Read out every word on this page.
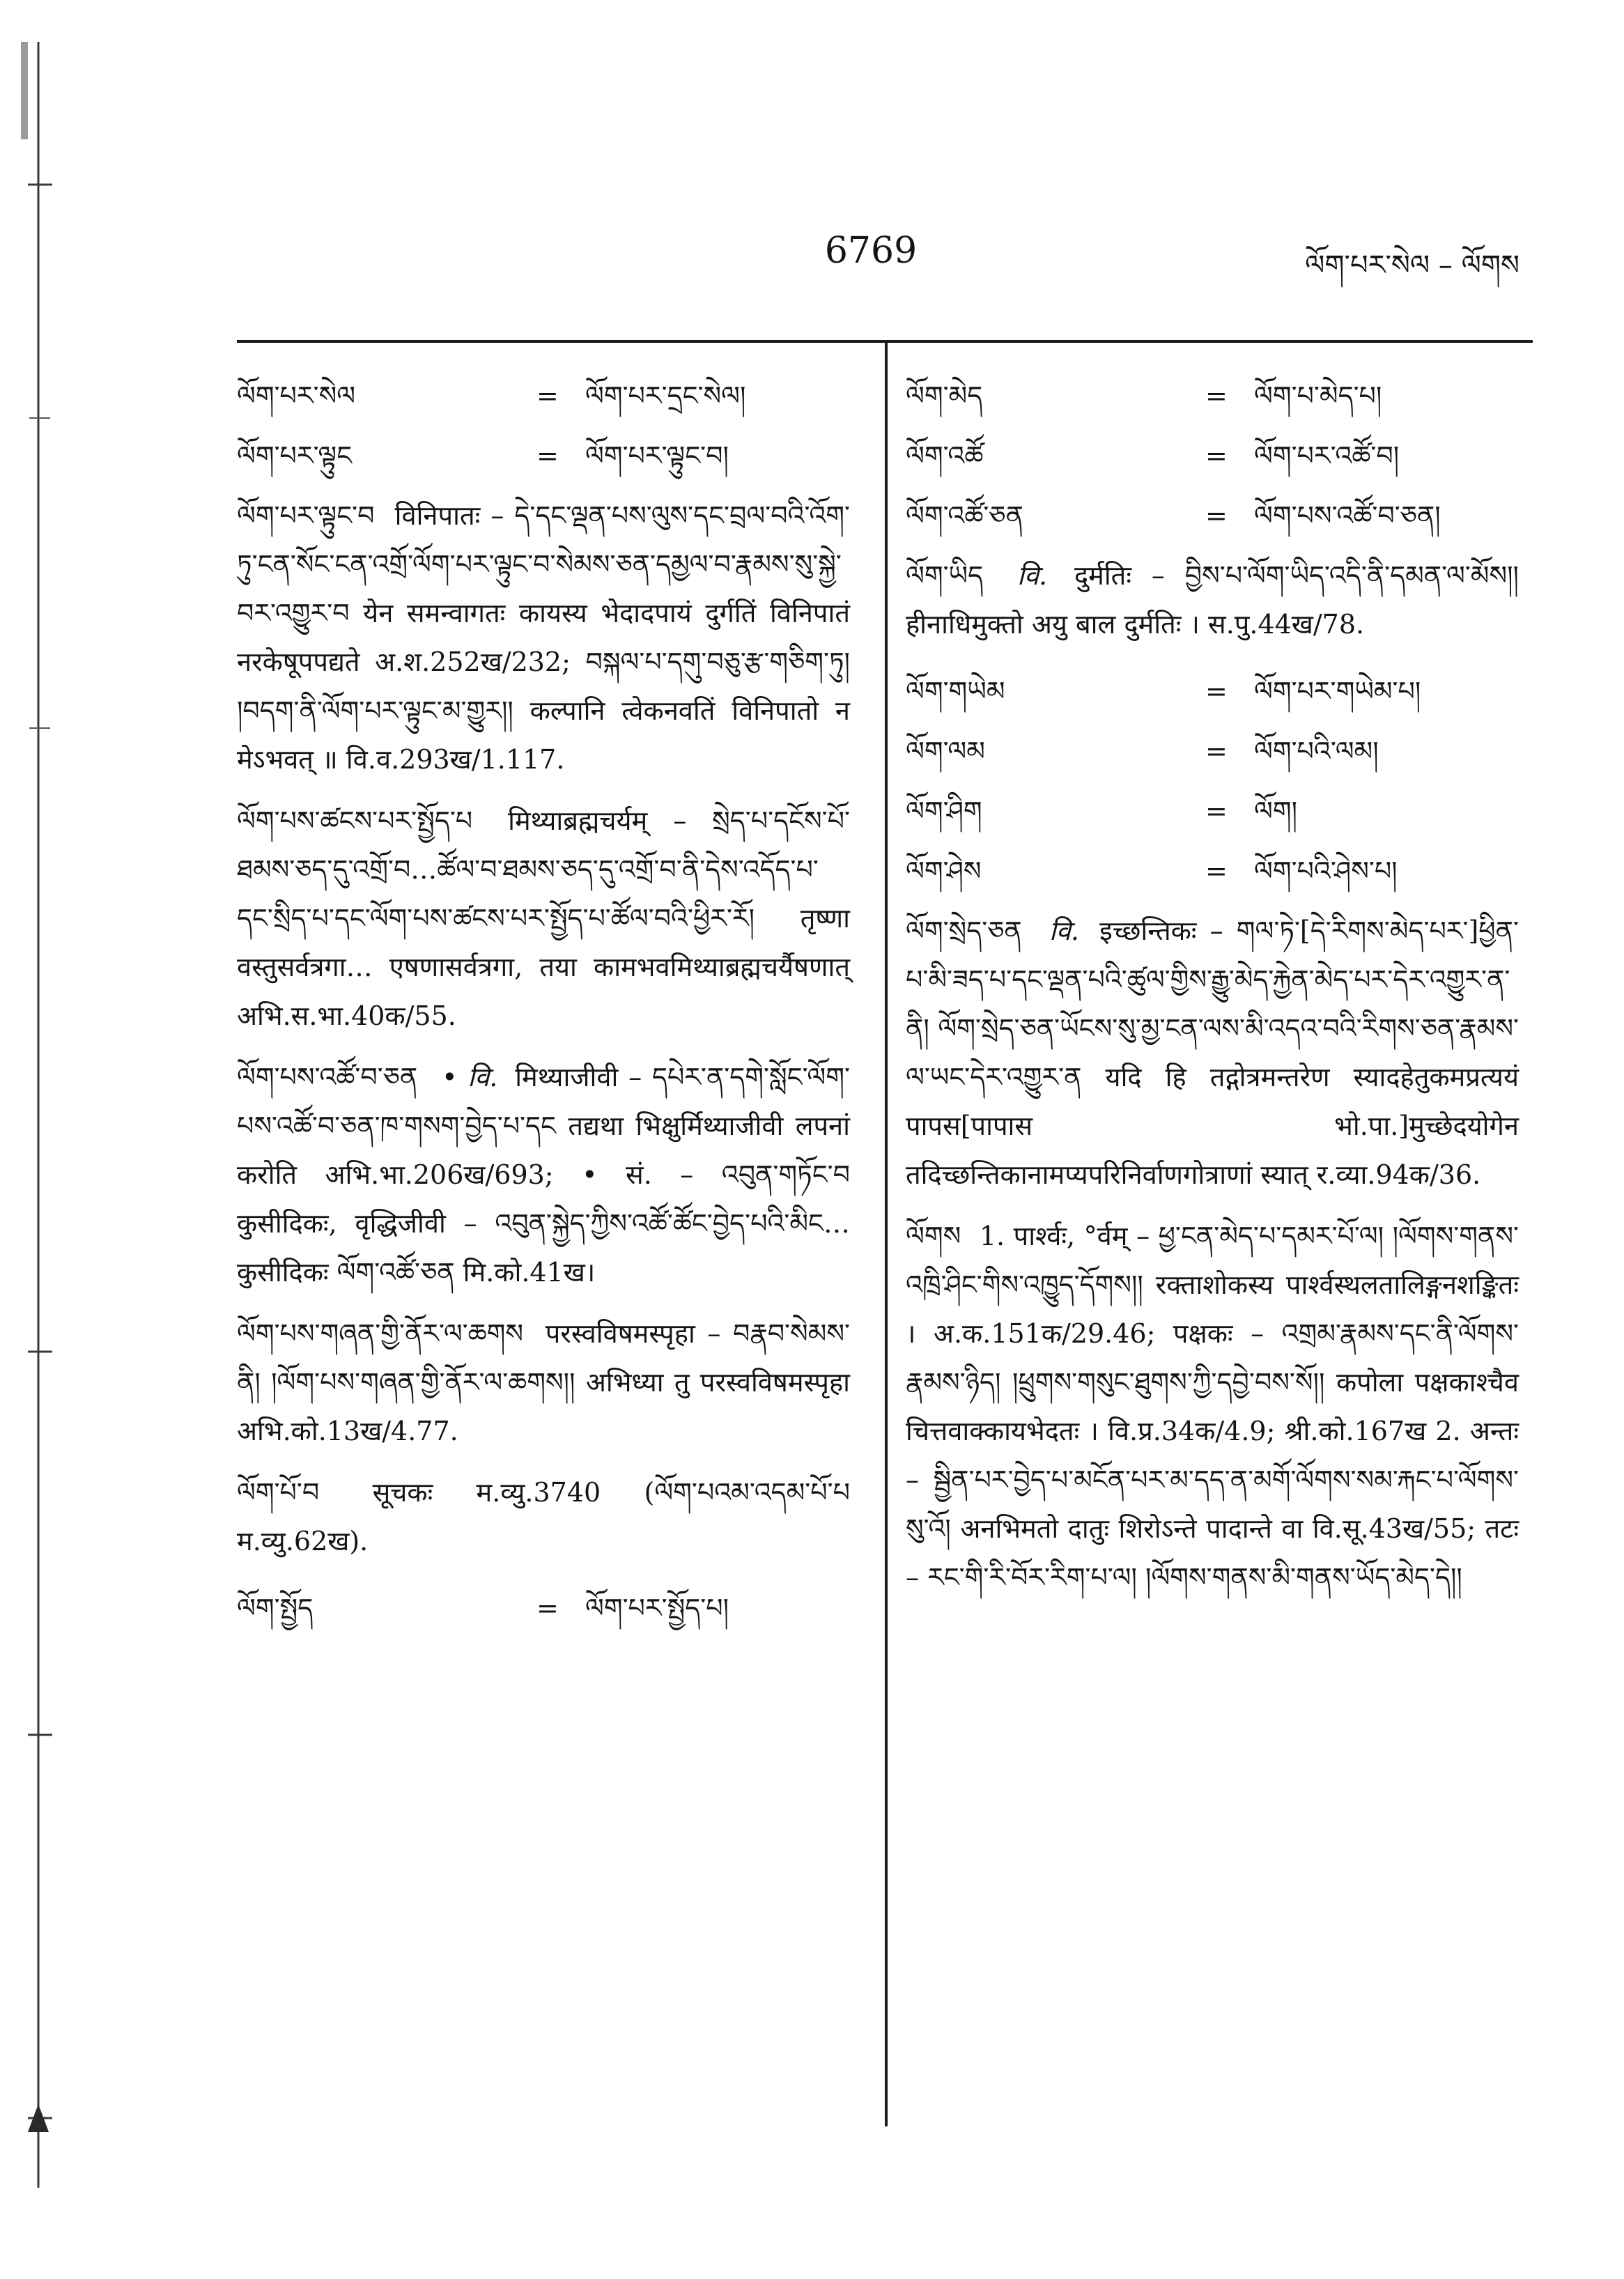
6769	ལོག་པར་སེལ – ལོགས
ལོག་པར་སེལ	=	ལོག་པར་དྲང་སེལ།
ལོག་པར་ལྟུང	=	ལོག་པར་ལྟུང་བ།
ལོག་པར་ལྟུང་བ विनिपातः – དེ་དང་ལྡན་པས་ལུས་དང་བྲལ་བའི་འོག་ཏུ་ངན་སོང་ངན་འགྲོ་ལོག་པར་ལྟུང་བ་སེམས་ཅན་དམྱལ་བ་རྣམས་སུ་སྐྱེ་བར་འགྱུར་བ येन समन्वागतः कायस्य भेदादपायं दुर्गतिं विनिपातं नरकेषूपपद्यते अ.श.252ख/232; བསྐལ་པ་དགུ་བཅུ་རྩ་གཅིག་ཏུ། །བདག་ནི་ལོག་པར་ལྟུང་མ་གྱུར།། कल्पानि त्वेकनवतिं विनिपातो न मेऽभवत् ॥ वि.व.293ख/1.117.
ལོག་པས་ཚངས་པར་སྤྱོད་པ मिथ्याब्रह्मचर्यम् – སྲེད་པ་དངོས་པོ་ཐམས་ཅད་དུ་འགྲོ་བ…ཚོལ་བ་ཐམས་ཅད་དུ་འགྲོ་བ་ནི་དེས་འདོད་པ་དང་སྲིད་པ་དང་ལོག་པས་ཚངས་པར་སྤྱོད་པ་ཚོལ་བའི་ཕྱིར་རོ། तृष्णा वस्तुसर्वत्रगा… एषणासर्वत्रगा, तया कामभवमिथ्याब्रह्मचर्यैषणात् अभि.स.भा.40क/55.
ལོག་པས་འཚོ་བ་ཅན • वि. मिथ्याजीवी – དཔེར་ན་དགེ་སློང་ལོག་པས་འཚོ་བ་ཅན་ཁ་གསག་བྱེད་པ་དང तद्यथा भिक्षुर्मिथ्याजीवी लपनां करोति अभि.भा.206ख/693; • सं. – འབུན་གཏོང་བ कुसीदिकः, वृद्धिजीवी – འབུན་སྐྱེད་ཀྱིས་འཚོ་ཚོང་བྱེད་པའི་མིང… कुसीदिकः ལོག་འཚོ་ཅན मि.को.41ख।
ལོག་པས་གཞན་གྱི་ནོར་ལ་ཆགས परस्वविषमस्पृहा – བརྣབ་སེམས་ནི། །ལོག་པས་གཞན་གྱི་ནོར་ལ་ཆགས།། अभिध्या तु परस्वविषमस्पृहा अभि.को.13ख/4.77.
ལོག་པོ་བ सूचकः म.व्यु.3740 (ལོག་པའམ་འདམ་པོ་པ म.व्यु.62ख).
ལོག་སྤྱོད	=	ལོག་པར་སྤྱོད་པ།
ལོག་མེད	=	ལོག་པ་མེད་པ།
ལོག་འཚོ	=	ལོག་པར་འཚོ་བ།
ལོག་འཚོ་ཅན	=	ལོག་པས་འཚོ་བ་ཅན།
ལོག་ཡིད वि. दुर्मतिः – བྱིས་པ་ལོག་ཡིད་འདི་ནི་དམན་ལ་མོས།། हीनाधिमुक्तो अयु बाल दुर्मतिः । स.पु.44ख/78.
ལོག་གཡེམ	=	ལོག་པར་གཡེམ་པ།
ལོག་ལམ	=	ལོག་པའི་ལམ།
ལོག་ཤིག	=	ལོག།
ལོག་ཤེས	=	ལོག་པའི་ཤེས་པ།
ལོག་སྲེད་ཅན वि. इच्छन्तिकः – གལ་ཏེ་[དེ་རིགས་མེད་པར་]ཕྱིན་པ་མི་ཟད་པ་དང་ལྡན་པའི་ཚུལ་གྱིས་རྒྱུ་མེད་རྐྱེན་མེད་པར་དེར་འགྱུར་ན་ནི། ལོག་སྲེད་ཅན་ཡོངས་སུ་མྱ་ངན་ལས་མི་འདའ་བའི་རིགས་ཅན་རྣམས་ལ་ཡང་དེར་འགྱུར་ན यदि हि तद्गोत्रमन्तरेण स्यादहेतुकमप्रत्ययं पापस[पापास भो.पा.]मुच्छेदयोगेन तदिच्छन्तिकानामप्यपरिनिर्वाणगोत्राणां स्यात् र.व्या.94क/36.
ལོགས 1. पार्श्वः, °र्वम् – ཕྱ་ངན་མེད་པ་དམར་པོ་ལ། །ལོགས་གནས་འཁྲི་ཤིང་གིས་འཁྱུད་དོགས།། रक्ताशोकस्य पार्श्वस्थलतालिङ्गनशङ्कितः । अ.क.151क/29.46; पक्षकः – འགྲམ་རྣམས་དང་ནི་ལོགས་རྣམས་ཉིད། །ཕྲུགས་གསུང་ཐུགས་ཀྱི་དབྱེ་བས་སོ།། कपोला पक्षकाश्चैव चित्तवाक्कायभेदतः । वि.प्र.34क/4.9; श्री.को.167ख 2. अन्तः – སྦྱིན་པར་བྱེད་པ་མངོན་པར་མ་དད་ན་མགོ་ལོགས་སམ་རྐང་པ་ལོགས་སུ་འོ། अनभिमतो दातुः शिरोऽन्ते पादान्ते वा वि.सू.43ख/55; तटः – རང་གི་རི་བོར་རིག་པ་ལ། །ལོགས་གནས་མི་གནས་ཡོད་མེད་དེ།།
